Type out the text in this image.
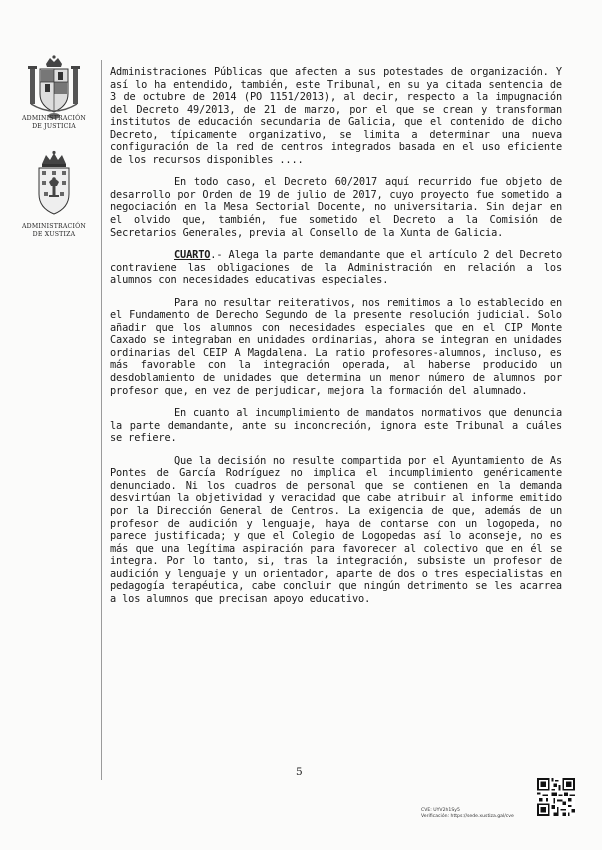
ADMINISTRACIÓN
DE JUSTICIA
ADMINISTRACIÓN
DE XUSTIZA

Administraciones Públicas que afecten a sus potestades de organización. Y así lo ha entendido, también, este Tribunal, en su ya citada sentencia de 3 de octubre de 2014 (PO 1151/2013), al decir, respecto a la impugnación del Decreto 49/2013, de 21 de marzo, por el que se crean y transforman institutos de educación secundaria de Galicia, que el contenido de dicho Decreto, típicamente organizativo, se limita a determinar una nueva configuración de la red de centros integrados basada en el uso eficiente de los recursos disponibles ....

En todo caso, el Decreto 60/2017 aquí recurrido fue objeto de desarrollo por Orden de 19 de julio de 2017, cuyo proyecto fue sometido a negociación en la Mesa Sectorial Docente, no universitaria. Sin dejar en el olvido que, también, fue sometido el Decreto a la Comisión de Secretarios Generales, previa al Consello de la Xunta de Galicia.

CUARTO.- Alega la parte demandante que el artículo 2 del Decreto contraviene las obligaciones de la Administración en relación a los alumnos con necesidades educativas especiales.

Para no resultar reiterativos, nos remitimos a lo establecido en el Fundamento de Derecho Segundo de la presente resolución judicial. Solo añadir que los alumnos con necesidades especiales que en el CIP Monte Caxado se integraban en unidades ordinarias, ahora se integran en unidades ordinarias del CEIP A Magdalena. La ratio profesores-alumnos, incluso, es más favorable con la integración operada, al haberse producido un desdoblamiento de unidades que determina un menor número de alumnos por profesor que, en vez de perjudicar, mejora la formación del alumnado.

En cuanto al incumplimiento de mandatos normativos que denuncia la parte demandante, ante su inconcreción, ignora este Tribunal a cuáles se refiere.

Que la decisión no resulte compartida por el Ayuntamiento de As Pontes de García Rodríguez no implica el incumplimiento genéricamente denunciado. Ni los cuadros de personal que se contienen en la demanda desvirtúan la objetividad y veracidad que cabe atribuir al informe emitido por la Dirección General de Centros. La exigencia de que, además de un profesor de audición y lenguaje, haya de contarse con un logopeda, no parece justificada; y que el Colegio de Logopedas así lo aconseje, no es más que una legítima aspiración para favorecer al colectivo que en él se integra. Por lo tanto, si, tras la integración, subsiste un profesor de audición y lenguaje y un orientador, aparte de dos o tres especialistas en pedagogía terapéutica, cabe concluir que ningún detrimento se les acarrea a los alumnos que precisan apoyo educativo.

5
CVE: UYV2h1Sy5
Verificación: https://sede.xustiza.gal/cve
